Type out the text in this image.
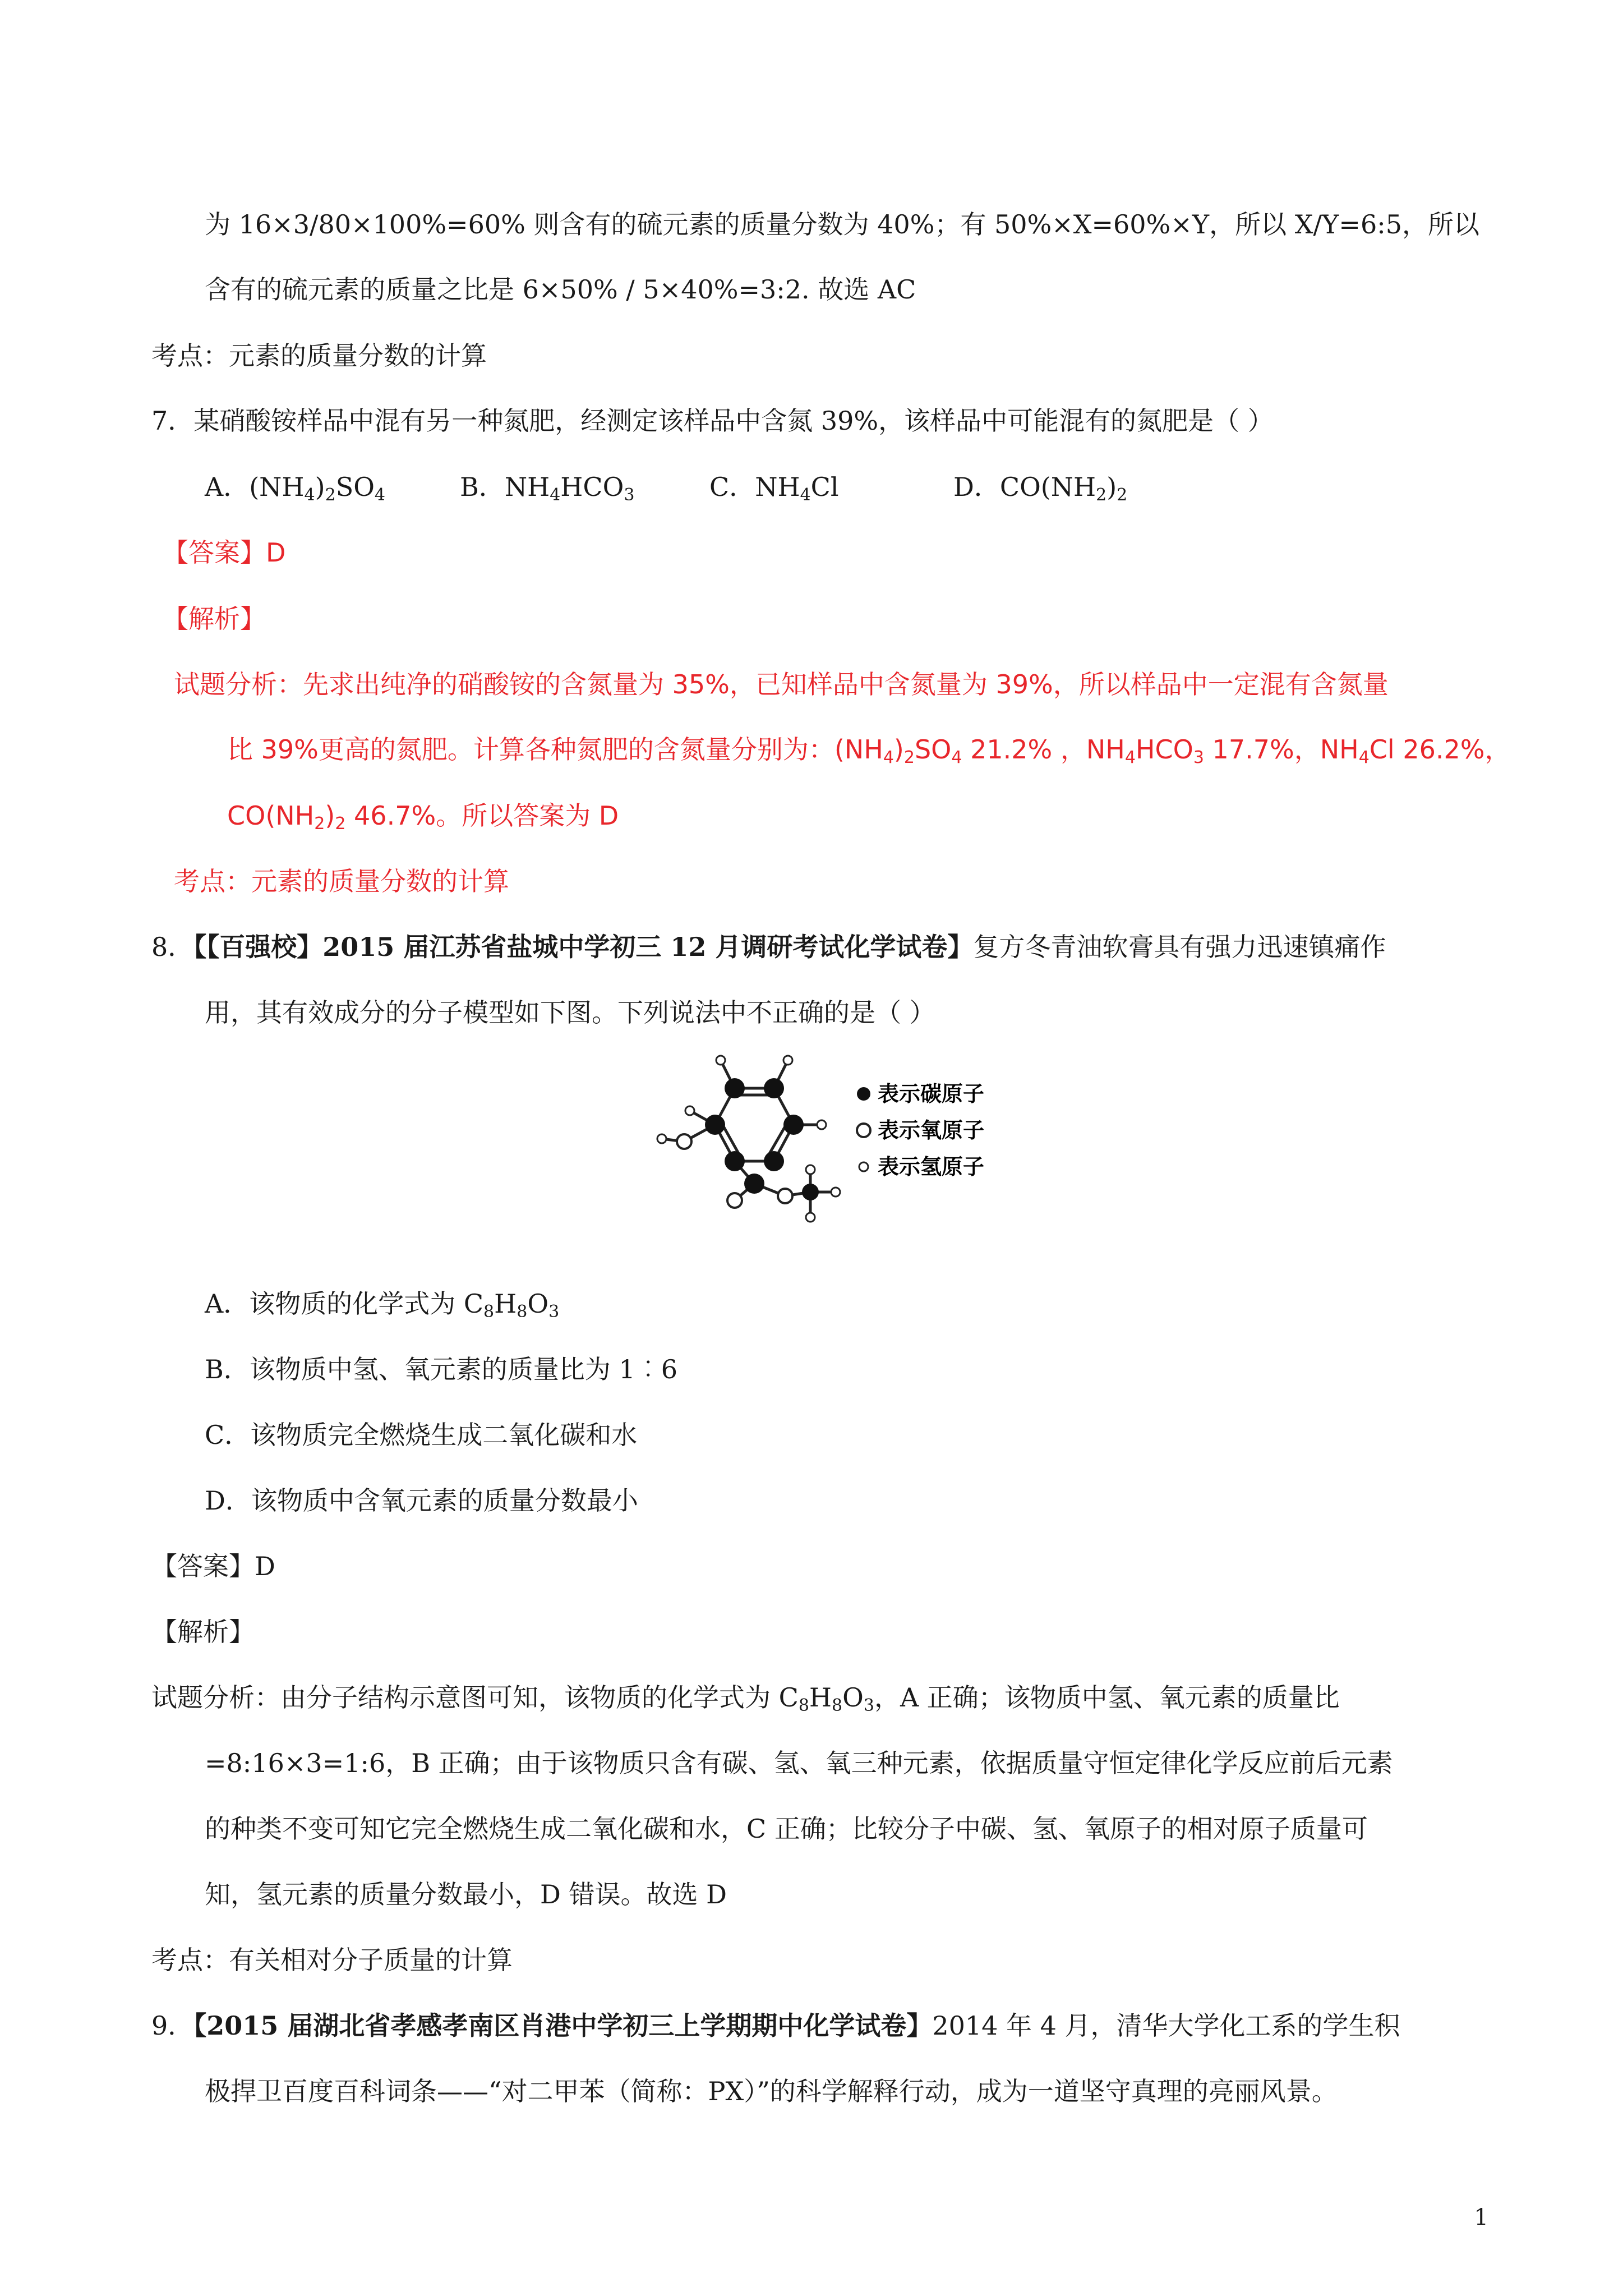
为 16×3/80×100%=60% 则含有的硫元素的质量分数为 40%；有 50%×X=60%×Y，所以 X/Y=6:5，所以
含有的硫元素的质量之比是 6×50% / 5×40%=3:2. 故选 AC
考点：元素的质量分数的计算
7．某硝酸铵样品中混有另一种氮肥，经测定该样品中含氮 39%，该样品中可能混有的氮肥是（ ）
A．$(NH_4)_2SO_4$	B．$NH_4HCO_3$	C．$NH_4Cl$	D．$CO(NH_2)_2$
【答案】D
【解析】
试题分析：先求出纯净的硝酸铵的含氮量为 35%，已知样品中含氮量为 39%，所以样品中一定混有含氮量
比 39%更高的氮肥。计算各种氮肥的含氮量分别为：$(NH_4)_2SO_4$ 21.2% ，$NH_4HCO_3$ 17.7%，$NH_4Cl$ 26.2%，
$CO(NH_2)_2$ 46.7%。所以答案为 D
考点：元素的质量分数的计算
8．【【百强校】2015 届江苏省盐城中学初三 12 月调研考试化学试卷】复方冬青油软膏具有强力迅速镇痛作
用，其有效成分的分子模型如下图。下列说法中不正确的是（ ）
表示碳原子
表示氧原子
表示氢原子
A．该物质的化学式为 $C_8H_8O_3$
B．该物质中氢、氧元素的质量比为 1︰6
C．该物质完全燃烧生成二氧化碳和水
D．该物质中含氧元素的质量分数最小
【答案】D
【解析】
试题分析：由分子结构示意图可知，该物质的化学式为 $C_8H_8O_3$，A 正确；该物质中氢、氧元素的质量比
=8:16×3=1:6，B 正确；由于该物质只含有碳、氢、氧三种元素，依据质量守恒定律化学反应前后元素
的种类不变可知它完全燃烧生成二氧化碳和水，C 正确；比较分子中碳、氢、氧原子的相对原子质量可
知，氢元素的质量分数最小，D 错误。故选 D
考点：有关相对分子质量的计算
9．【2015 届湖北省孝感孝南区肖港中学初三上学期期中化学试卷】2014 年 4 月，清华大学化工系的学生积
极捍卫百度百科词条——“对二甲苯（简称：PX）”的科学解释行动，成为一道坚守真理的亮丽风景。
1
